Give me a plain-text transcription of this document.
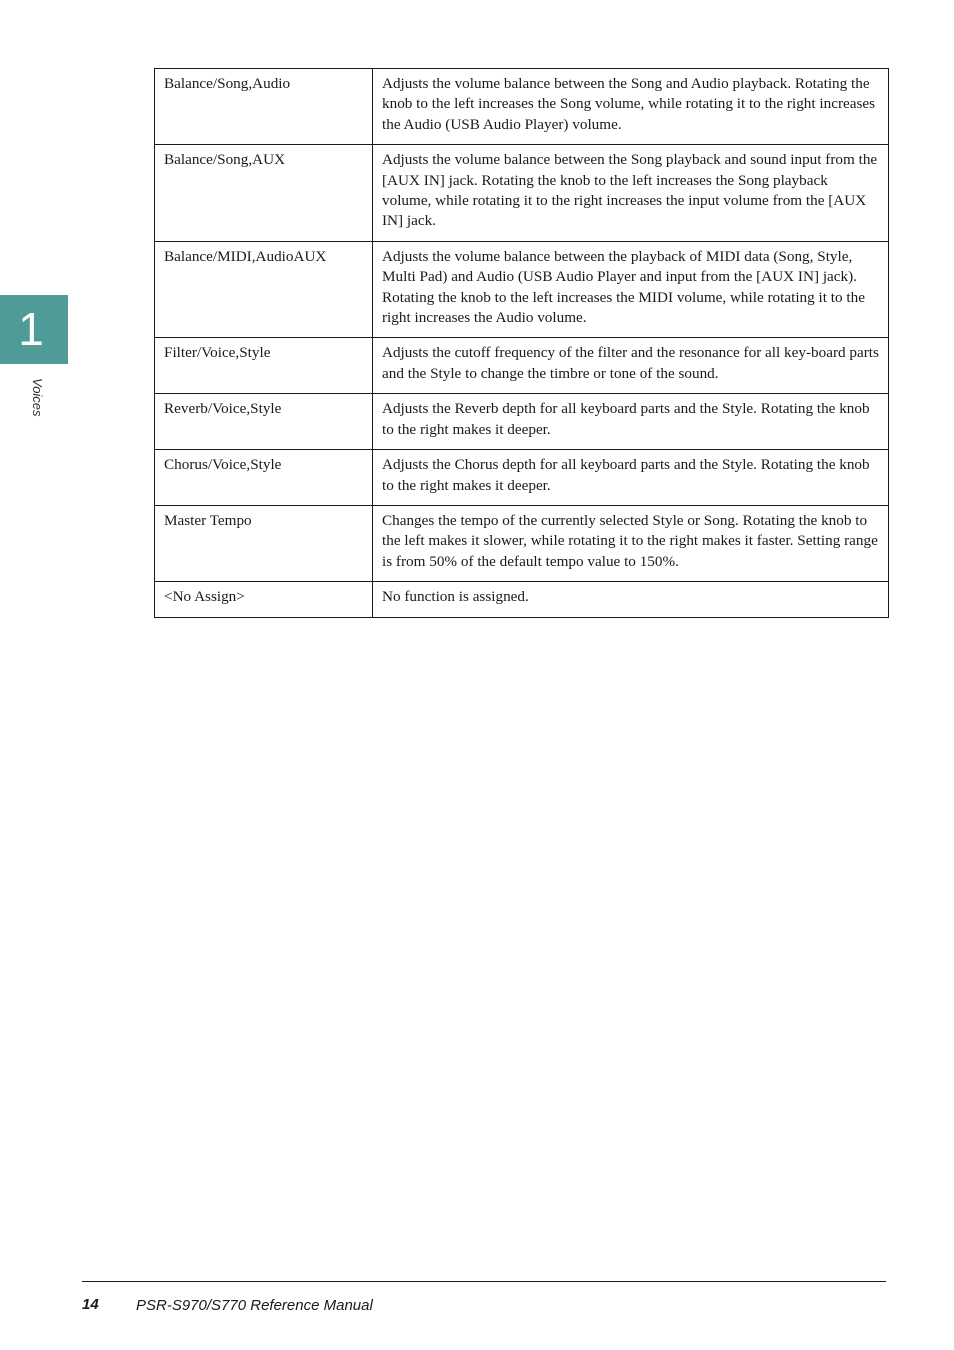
1
Voices
Balance/Song,Audio	Adjusts the volume balance between the Song and Audio playback. Rotating the knob to the left increases the Song volume, while rotating it to the right increases the Audio (USB Audio Player) volume.
Balance/Song,AUX	Adjusts the volume balance between the Song playback and sound input from the [AUX IN] jack. Rotating the knob to the left increases the Song playback volume, while rotating it to the right increases the input volume from the [AUX IN] jack.
Balance/MIDI,AudioAUX	Adjusts the volume balance between the playback of MIDI data (Song, Style, Multi Pad) and Audio (USB Audio Player and input from the [AUX IN] jack). Rotating the knob to the left increases the MIDI volume, while rotating it to the right increases the Audio volume.
Filter/Voice,Style	Adjusts the cutoff frequency of the filter and the resonance for all key-board parts and the Style to change the timbre or tone of the sound.
Reverb/Voice,Style	Adjusts the Reverb depth for all keyboard parts and the Style. Rotating the knob to the right makes it deeper.
Chorus/Voice,Style	Adjusts the Chorus depth for all keyboard parts and the Style. Rotating the knob to the right makes it deeper.
Master Tempo	Changes the tempo of the currently selected Style or Song. Rotating the knob to the left makes it slower, while rotating it to the right makes it faster. Setting range is from 50% of the default tempo value to 150%.
<No Assign>	No function is assigned.
14 PSR-S970/S770 Reference Manual
